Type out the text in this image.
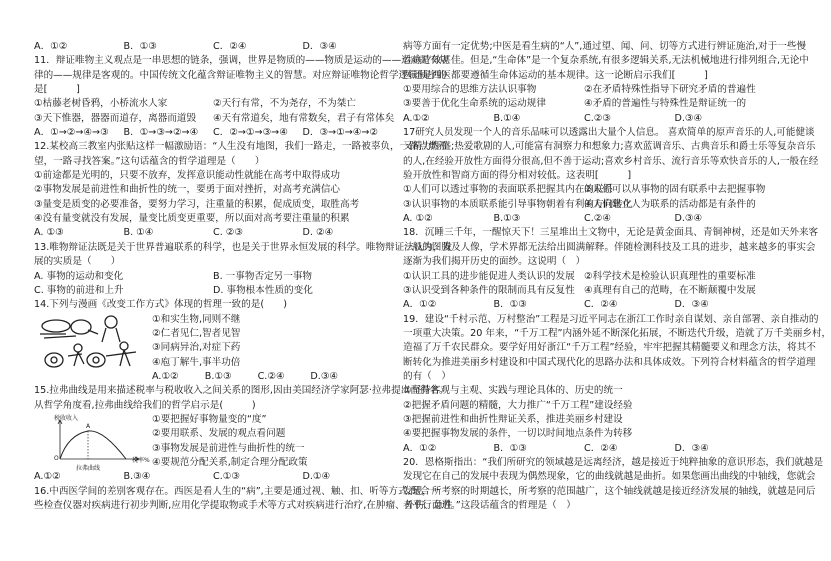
A．①②	B．①③	C．②④	D．③④
11．辩证唯物主义观点是一串思想的链条，强调，世界是物质的——物质是运动的——运动是有规
律的——规律是客观的。中国传统文化蕴含辩证唯物主义的智慧。对应辩证唯物论哲学逻辑顺序的
是[　　　]
①枯藤老树昏鸦，小桥流水人家	②天行有常，不为尧存，不为桀亡
③天下惟器，器器而道存，离器而道毁	④天有常道矣，地有常数矣，君子有常体矣
A．①→②→④→③	B．①→③→②→④	C．②→①→③→④	D．③→①→④→②
12.某校高三教室内张贴这样一幅激励语：“人生没有地图，我们一路走，一路被辜负，一路点燃希
望，一路寻找答案。”这句话蕴含的哲学道理是（　　）
①前途都是光明的，只要不放弃，发挥意识能动性就能在高考中取得成功
②事物发展是前进性和曲折性的统一，要勇于面对挫折，对高考充满信心
③量变是质变的必要准备，要努力学习，注重量的积累，促成质变，取胜高考
④没有量变就没有发展，量变比质变更重要，所以面对高考要注重量的积累
A. ①③	B. ①④	C. ②③	D. ②④
13.唯物辩证法既是关于世界普遍联系的科学，也是关于世界永恒发展的科学。唯物辩证法认为，发
展的实质是（　　）
A. 事物的运动和变化	B. 一事物否定另一事物
C. 事物的前进和上升	D. 事物根本性质的变化
14.下列与漫画《改变工作方式》体现的哲理一致的是(　　)
①和实生物,同则不继
②仁者见仁,智者见智
③同病异治,对症下药
④庖丁解牛,事半功倍
A.①②	B.①③	C.②④	D.③④
15.拉弗曲线是用来描述税率与税收收入之间关系的图形,因由美国经济学家阿瑟·拉弗提出而得名。
从哲学角度看,拉弗曲线给我们的哲学启示是(　　　)
①要把握好事物量变的“度”
②要用联系、发展的观点看问题
③事物发展是前进性与曲折性的统一
④要规范分配关系,制定合理分配政策
A.①②	B.③④	C.①③	D.①④
16.中西医学间的差别客观存在。西医是看人生的“病”,主要是通过视、触、扣、听等方式,配合一
些检查仪器对疾病进行初步判断,应用化学提取物或手术等方式对疾病进行治疗,在肿瘤、外伤、急性
病等方面有一定优势;中医是看生病的“人”,通过望、闻、问、切等方式进行辨证施治,对于一些慢
性病疗效甚佳。但是,“生命体”是一个复杂系统,有很多逻辑关系,无法机械地进行排列组合,无论中
医还是西医都要遵循生命体运动的基本规律。这一论断启示我们[　　　]
①要用综合的思维方法认识事物	②在矛盾特殊性指导下研究矛盾的普遍性
③要善于优化生命系统的运动规律	④矛盾的普遍性与特殊性是辩证统一的
A.①②	B.①④	C.②③	D.③④
17研究人员发现一个人的音乐品味可以透露出大量个人信息。 喜欢简单的原声音乐的人,可能健谈
又精力旺盛;热爱歌剧的人,可能富有洞察力和想象力;喜欢蓝调音乐、古典音乐和爵士乐等复杂音乐
的人,在经验开放性方面得分很高,但不善于运动;喜欢乡村音乐、流行音乐等欢快音乐的人,一般在经
验开放性和智商方面的得分相对较低。这表明[　　　]
①人们可以透过事物的表面联系把握其内在的联系
②人们可以从事物的固有联系中去把握事物
③认识事物的本质联系能引导事物朝着有利的方向转化
④人们建立人为联系的活动都是有条件的
A. ①②	B.①③	C.②④	D.③④
18．沉睡三千年，一醒惊天下！三星堆出土文物中，无论是黄金面具、青铜神树，还是如天外来客
一般的图腾及人像，学术界都无法给出圆满解释。伴随检测科技及工具的进步，越来越多的事实会
逐渐为我们揭开历史的面纱。这说明（　）
①认识工具的进步能促进人类认识的发展 ②科学技术是检验认识真理性的重要标准
③认识受到各种条件的限制而具有反复性 ④真理有自己的范畴，在不断颠覆中发展
A．①②	B．①③	C．②④	D．③④
19．建设“千村示范、万村整治”工程是习近平同志在浙江工作时亲自谋划、亲自部署、亲自推动的
一项重大决策。20 年来，“千万工程”内涵外延不断深化拓展，不断迭代升级，造就了万千美丽乡村，
造福了万千农民群众。要学好用好浙江“千万工程”经验，牢牢把握其精髓要义和理念方法，将其不
断转化为推进美丽乡村建设和中国式现代化的思路办法和具体成效。下列符合材料蕴含的哲学道理
的有（　）
①坚持客观与主观、实践与理论具体的、历史的统一
②把握矛盾问题的精髓，大力推广“千万工程”建设经验
③把握前进性和曲折性辩证关系，推进美丽乡村建设
④要把握事物发展的条件，一切以时间地点条件为转移
A．①②	B．①③	C．②④	D．③④
20．恩格斯指出：“我们所研究的领域越是远离经济，越是接近于纯粹抽象的意识形态，我们就越是
发现它在自己的发展中表现为偶然现象，它的曲线就越是曲折。如果您画出曲线的中轴线，您就会
发现，所考察的时期越长，所考察的范围越广，这个轴线就越是接近经济发展的轴线，就越是同后
者平行而进。”这段话蕴含的哲理是（　）
税收收入
A
O	税率%
拉弗曲线
